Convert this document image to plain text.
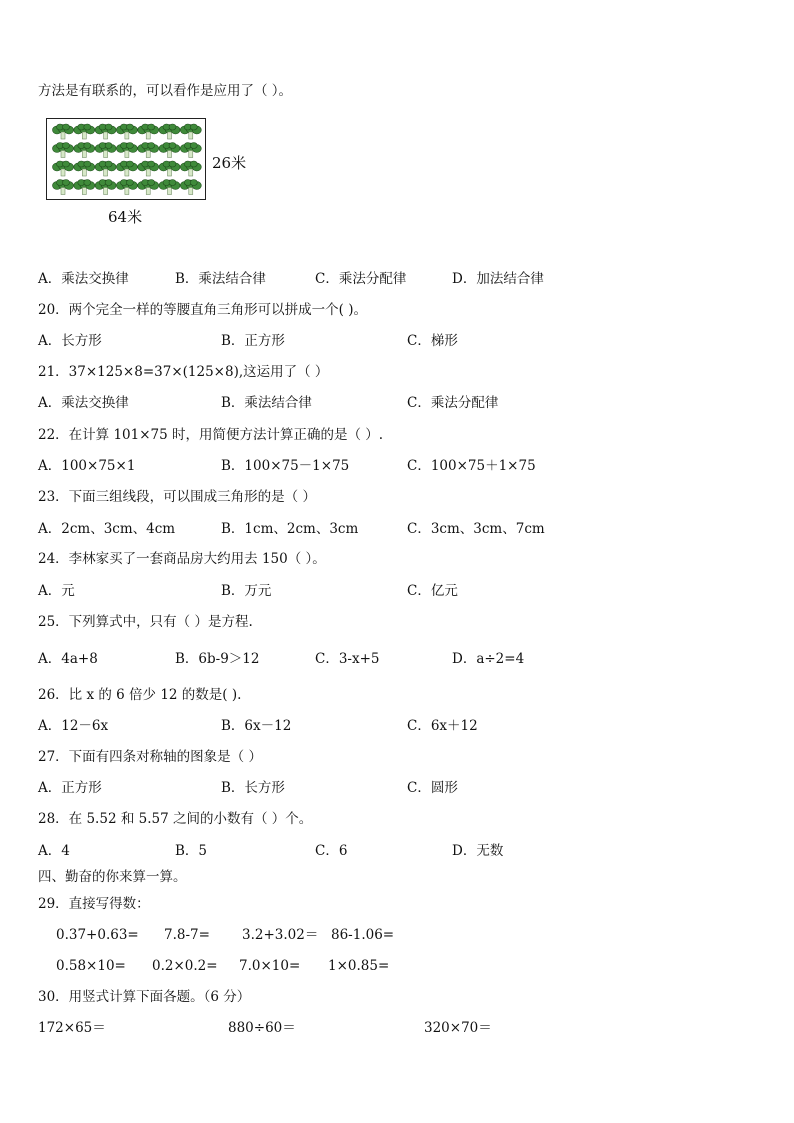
方法是有联系的，可以看作是应用了（ ）。
26米
64米
A．乘法交换律	B．乘法结合律	C．乘法分配律	D．加法结合律
20．两个完全一样的等腰直角三角形可以拼成一个( )。
A．长方形	B．正方形	C．梯形
21．37×125×8=37×(125×8),这运用了（ ）
A．乘法交换律	B．乘法结合律	C．乘法分配律
22．在计算 101×75 时，用简便方法计算正确的是（ ）.
A．100×75×1	B．100×75－1×75	C．100×75＋1×75
23．下面三组线段，可以围成三角形的是（ ）
A．2cm、3cm、4cm	B．1cm、2cm、3cm	C．3cm、3cm、7cm
24．李林家买了一套商品房大约用去 150（ ）。
A．元	B．万元	C．亿元
25．下列算式中，只有（ ）是方程.
A．4a+8	B．6b-9＞12	C．3-x+5	D．a÷2=4
26．比 x 的 6 倍少 12 的数是( ).
A．12－6x	B．6x－12	C．6x＋12
27．下面有四条对称轴的图象是（ ）
A．正方形	B．长方形	C．圆形
28．在 5.52 和 5.57 之间的小数有（ ）个。
A．4	B．5	C．6	D．无数
四、勤奋的你来算一算。
29．直接写得数：
0.37+0.63= 7.8-7= 3.2+3.02＝ 86-1.06=
0.58×10= 0.2×0.2= 7.0×10= 1×0.85=
30．用竖式计算下面各题。（6 分）
172×65＝	880÷60＝	320×70＝
